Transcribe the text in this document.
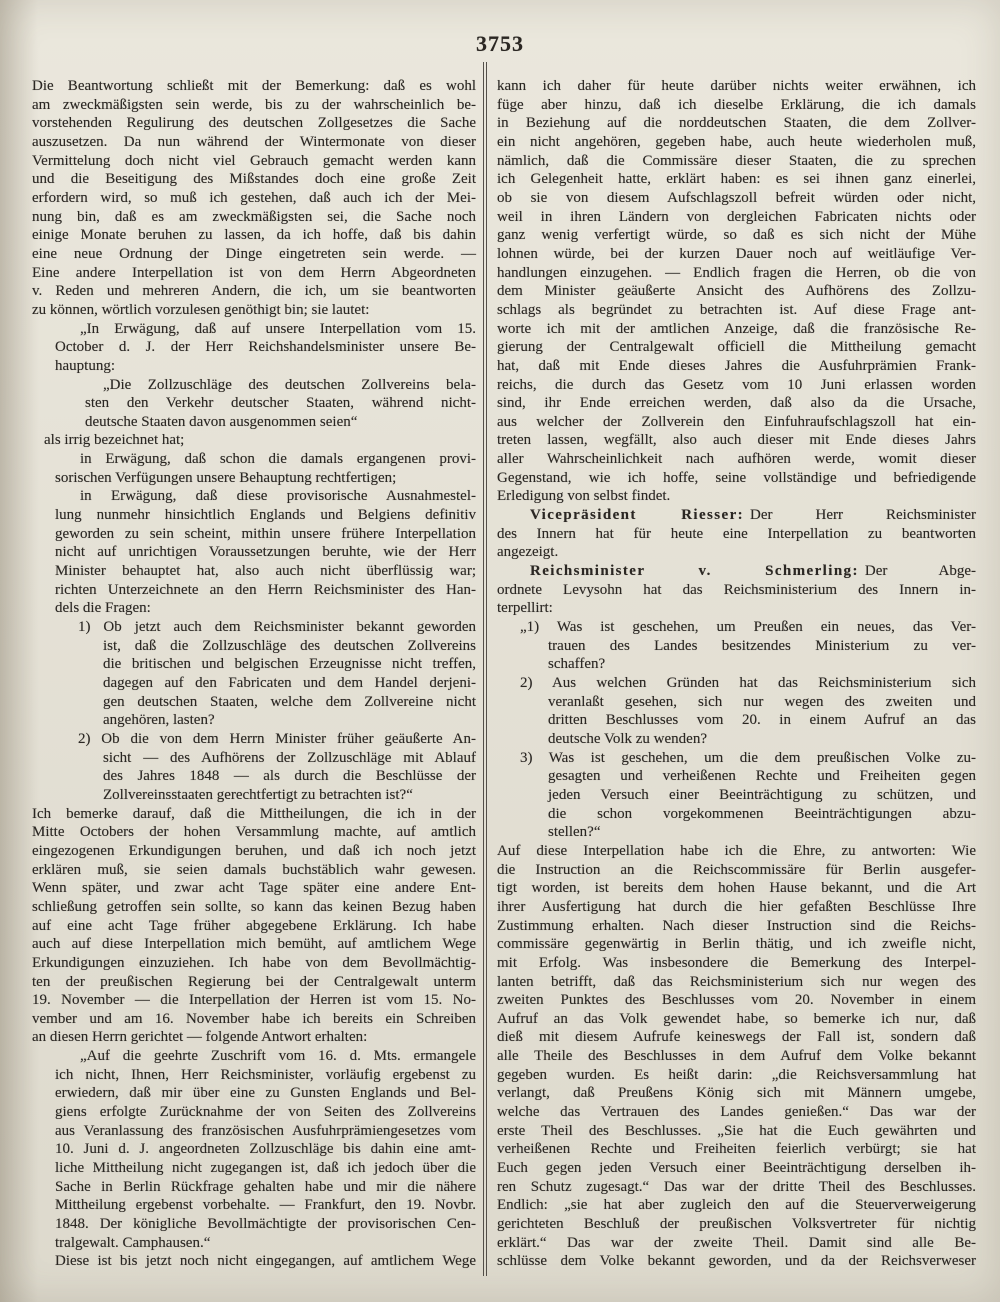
3753
Die Beantwortung schließt mit der Bemerkung: daß es wohl
am zweckmäßigsten sein werde, bis zu der wahrscheinlich be-
vorstehenden Regulirung des deutschen Zollgesetzes die Sache
auszusetzen. Da nun während der Wintermonate von dieser
Vermittelung doch nicht viel Gebrauch gemacht werden kann
und die Beseitigung des Mißstandes doch eine große Zeit
erfordern wird, so muß ich gestehen, daß auch ich der Mei-
nung bin, daß es am zweckmäßigsten sei, die Sache noch
einige Monate beruhen zu lassen, da ich hoffe, daß bis dahin
eine neue Ordnung der Dinge eingetreten sein werde. —
Eine andere Interpellation ist von dem Herrn Abgeordneten
v. Reden und mehreren Andern, die ich, um sie beantworten
zu können, wörtlich vorzulesen genöthigt bin; sie lautet:
„In Erwägung, daß auf unsere Interpellation vom 15.
October d. J. der Herr Reichshandelsminister unsere Be-
hauptung:
„Die Zollzuschläge des deutschen Zollvereins bela-
sten den Verkehr deutscher Staaten, während nicht-
deutsche Staaten davon ausgenommen seien“
als irrig bezeichnet hat;
in Erwägung, daß schon die damals ergangenen provi-
sorischen Verfügungen unsere Behauptung rechtfertigen;
in Erwägung, daß diese provisorische Ausnahmestel-
lung nunmehr hinsichtlich Englands und Belgiens definitiv
geworden zu sein scheint, mithin unsere frühere Interpellation
nicht auf unrichtigen Voraussetzungen beruhte, wie der Herr
Minister behauptet hat, also auch nicht überflüssig war;
richten Unterzeichnete an den Herrn Reichsminister des Han-
dels die Fragen:
1) Ob jetzt auch dem Reichsminister bekannt geworden
ist, daß die Zollzuschläge des deutschen Zollvereins
die britischen und belgischen Erzeugnisse nicht treffen,
dagegen auf den Fabricaten und dem Handel derjeni-
gen deutschen Staaten, welche dem Zollvereine nicht
angehören, lasten?
2) Ob die von dem Herrn Minister früher geäußerte An-
sicht — des Aufhörens der Zollzuschläge mit Ablauf
des Jahres 1848 — als durch die Beschlüsse der
Zollvereinsstaaten gerechtfertigt zu betrachten ist?“
Ich bemerke darauf, daß die Mittheilungen, die ich in der
Mitte Octobers der hohen Versammlung machte, auf amtlich
eingezogenen Erkundigungen beruhen, und daß ich noch jetzt
erklären muß, sie seien damals buchstäblich wahr gewesen.
Wenn später, und zwar acht Tage später eine andere Ent-
schließung getroffen sein sollte, so kann das keinen Bezug haben
auf eine acht Tage früher abgegebene Erklärung. Ich habe
auch auf diese Interpellation mich bemüht, auf amtlichem Wege
Erkundigungen einzuziehen. Ich habe von dem Bevollmächtig-
ten der preußischen Regierung bei der Centralgewalt unterm
19. November — die Interpellation der Herren ist vom 15. No-
vember und am 16. November habe ich bereits ein Schreiben
an diesen Herrn gerichtet — folgende Antwort erhalten:
„Auf die geehrte Zuschrift vom 16. d. Mts. ermangele
ich nicht, Ihnen, Herr Reichsminister, vorläufig ergebenst zu
erwiedern, daß mir über eine zu Gunsten Englands und Bel-
giens erfolgte Zurücknahme der von Seiten des Zollvereins
aus Veranlassung des französischen Ausfuhrprämiengesetzes vom
10. Juni d. J. angeordneten Zollzuschläge bis dahin eine amt-
liche Mittheilung nicht zugegangen ist, daß ich jedoch über die
Sache in Berlin Rückfrage gehalten habe und mir die nähere
Mittheilung ergebenst vorbehalte. — Frankfurt, den 19. Novbr.
1848. Der königliche Bevollmächtigte der provisorischen Cen-
tralgewalt. Camphausen.“
Diese ist bis jetzt noch nicht eingegangen, auf amtlichem Wege
kann ich daher für heute darüber nichts weiter erwähnen, ich
füge aber hinzu, daß ich dieselbe Erklärung, die ich damals
in Beziehung auf die norddeutschen Staaten, die dem Zollver-
ein nicht angehören, gegeben habe, auch heute wiederholen muß,
nämlich, daß die Commissäre dieser Staaten, die zu sprechen
ich Gelegenheit hatte, erklärt haben: es sei ihnen ganz einerlei,
ob sie von diesem Aufschlagszoll befreit würden oder nicht,
weil in ihren Ländern von dergleichen Fabricaten nichts oder
ganz wenig verfertigt würde, so daß es sich nicht der Mühe
lohnen würde, bei der kurzen Dauer noch auf weitläufige Ver-
handlungen einzugehen. — Endlich fragen die Herren, ob die von
dem Minister geäußerte Ansicht des Aufhörens des Zollzu-
schlags als begründet zu betrachten ist. Auf diese Frage ant-
worte ich mit der amtlichen Anzeige, daß die französische Re-
gierung der Centralgewalt officiell die Mittheilung gemacht
hat, daß mit Ende dieses Jahres die Ausfuhrprämien Frank-
reichs, die durch das Gesetz vom 10 Juni erlassen worden
sind, ihr Ende erreichen werden, daß also da die Ursache,
aus welcher der Zollverein den Einfuhraufschlagszoll hat ein-
treten lassen, wegfällt, also auch dieser mit Ende dieses Jahrs
aller Wahrscheinlichkeit nach aufhören werde, womit dieser
Gegenstand, wie ich hoffe, seine vollständige und befriedigende
Erledigung von selbst findet.
Vicepräsident Riesser: Der Herr Reichsminister
des Innern hat für heute eine Interpellation zu beantworten
angezeigt.
Reichsminister v. Schmerling: Der Abge-
ordnete Levysohn hat das Reichsministerium des Innern in-
terpellirt:
„1) Was ist geschehen, um Preußen ein neues, das Ver-
trauen des Landes besitzendes Ministerium zu ver-
schaffen?
2) Aus welchen Gründen hat das Reichsministerium sich
veranlaßt gesehen, sich nur wegen des zweiten und
dritten Beschlusses vom 20. in einem Aufruf an das
deutsche Volk zu wenden?
3) Was ist geschehen, um die dem preußischen Volke zu-
gesagten und verheißenen Rechte und Freiheiten gegen
jeden Versuch einer Beeinträchtigung zu schützen, und
die schon vorgekommenen Beeinträchtigungen abzu-
stellen?“
Auf diese Interpellation habe ich die Ehre, zu antworten: Wie
die Instruction an die Reichscommissäre für Berlin ausgefer-
tigt worden, ist bereits dem hohen Hause bekannt, und die Art
ihrer Ausfertigung hat durch die hier gefaßten Beschlüsse Ihre
Zustimmung erhalten. Nach dieser Instruction sind die Reichs-
commissäre gegenwärtig in Berlin thätig, und ich zweifle nicht,
mit Erfolg. Was insbesondere die Bemerkung des Interpel-
lanten betrifft, daß das Reichsministerium sich nur wegen des
zweiten Punktes des Beschlusses vom 20. November in einem
Aufruf an das Volk gewendet habe, so bemerke ich nur, daß
dieß mit diesem Aufrufe keineswegs der Fall ist, sondern daß
alle Theile des Beschlusses in dem Aufruf dem Volke bekannt
gegeben wurden. Es heißt darin: „die Reichsversammlung hat
verlangt, daß Preußens König sich mit Männern umgebe,
welche das Vertrauen des Landes genießen.“ Das war der
erste Theil des Beschlusses. „Sie hat die Euch gewährten und
verheißenen Rechte und Freiheiten feierlich verbürgt; sie hat
Euch gegen jeden Versuch einer Beeinträchtigung derselben ih-
ren Schutz zugesagt.“ Das war der dritte Theil des Beschlusses.
Endlich: „sie hat aber zugleich den auf die Steuerverweigerung
gerichteten Beschluß der preußischen Volksvertreter für nichtig
erklärt.“ Das war der zweite Theil. Damit sind alle Be-
schlüsse dem Volke bekannt geworden, und da der Reichsverweser
